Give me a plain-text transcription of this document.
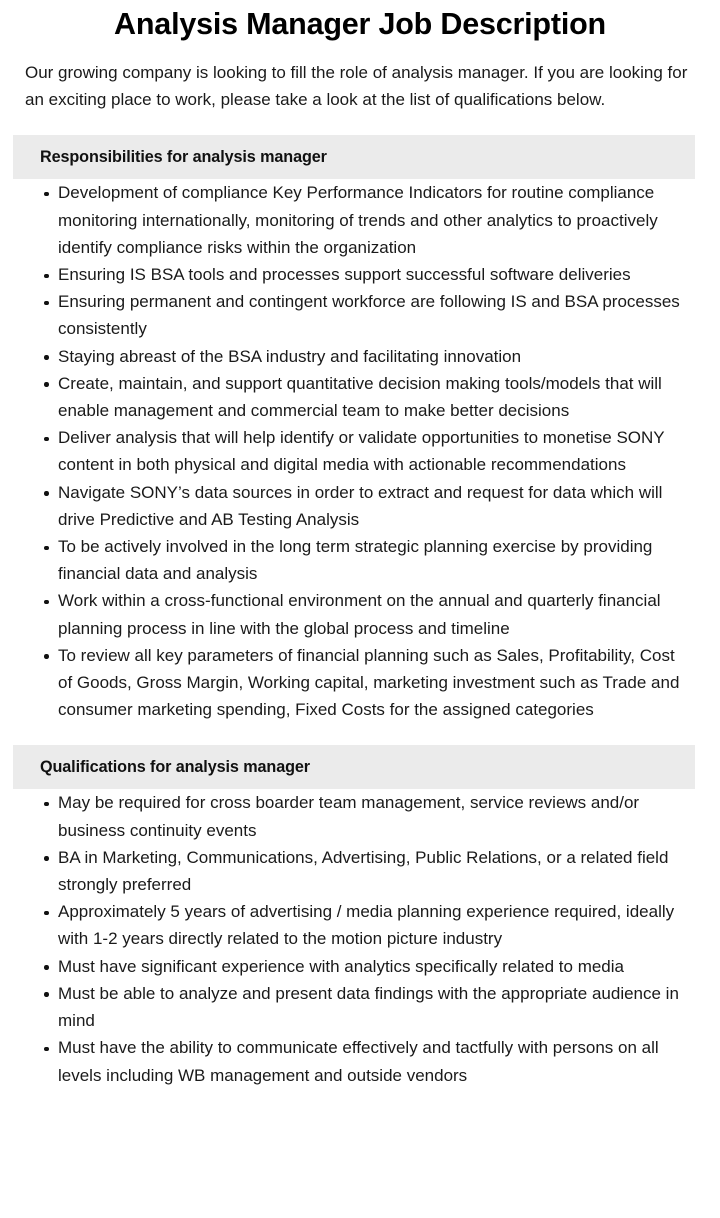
Analysis Manager Job Description

Our growing company is looking to fill the role of analysis manager. If you are looking for an exciting place to work, please take a look at the list of qualifications below.

Responsibilities for analysis manager
Development of compliance Key Performance Indicators for routine compliance monitoring internationally, monitoring of trends and other analytics to proactively identify compliance risks within the organization
Ensuring IS BSA tools and processes support successful software deliveries
Ensuring permanent and contingent workforce are following IS and BSA processes consistently
Staying abreast of the BSA industry and facilitating innovation
Create, maintain, and support quantitative decision making tools/models that will enable management and commercial team to make better decisions
Deliver analysis that will help identify or validate opportunities to monetise SONY content in both physical and digital media with actionable recommendations
Navigate SONY’s data sources in order to extract and request for data which will drive Predictive and AB Testing Analysis
To be actively involved in the long term strategic planning exercise by providing financial data and analysis
Work within a cross-functional environment on the annual and quarterly financial planning process in line with the global process and timeline
To review all key parameters of financial planning such as Sales, Profitability, Cost of Goods, Gross Margin, Working capital, marketing investment such as Trade and consumer marketing spending, Fixed Costs for the assigned categories
Qualifications for analysis manager
May be required for cross boarder team management, service reviews and/or business continuity events
BA in Marketing, Communications, Advertising, Public Relations, or a related field strongly preferred
Approximately 5 years of advertising / media planning experience required, ideally with 1-2 years directly related to the motion picture industry
Must have significant experience with analytics specifically related to media
Must be able to analyze and present data findings with the appropriate audience in mind
Must have the ability to communicate effectively and tactfully with persons on all levels including WB management and outside vendors
